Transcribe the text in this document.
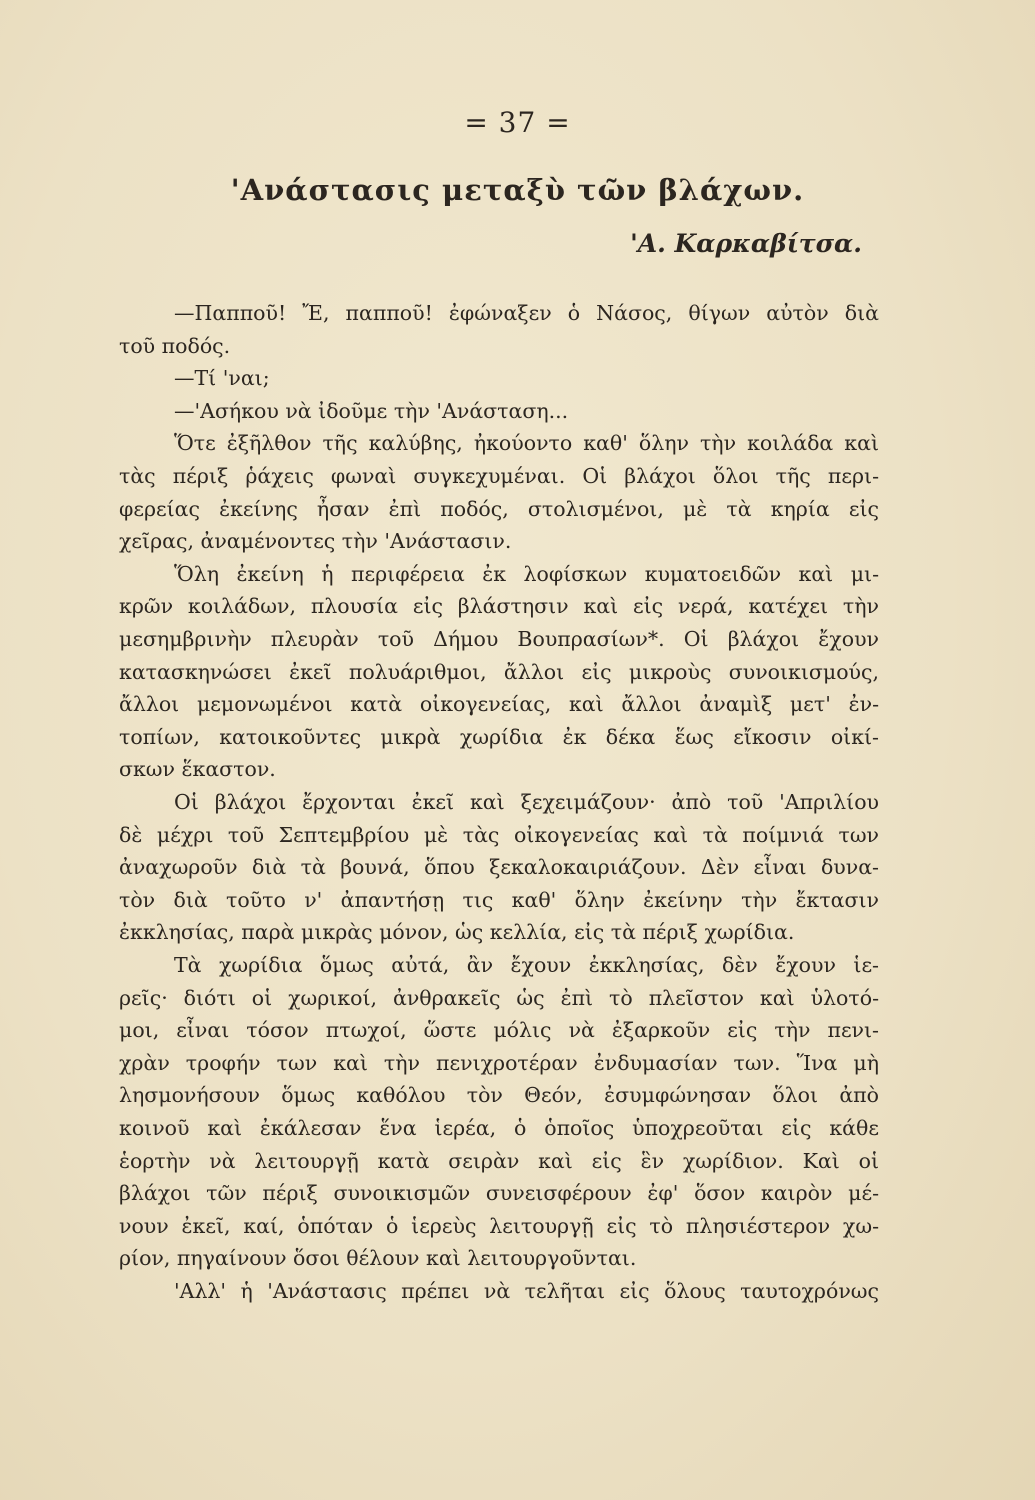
= 37 =
'Ανάστασις μεταξὺ τῶν βλάχων.
'Α. Καρκαβίτσα.
—Παπποῦ! Ἔ, παπποῦ! ἐφώναξεν ὁ Νάσος, θίγων αὐτὸν διὰ
τοῦ ποδός.
—Τί 'ναι;
—'Ασήκου νὰ ἰδοῦμε τὴν 'Ανάσταση...
Ὅτε ἐξῆλθον τῆς καλύβης, ἠκούοντο καθ' ὅλην τὴν κοιλάδα καὶ
τὰς πέριξ ῥάχεις φωναὶ συγκεχυμέναι. Οἱ βλάχοι ὅλοι τῆς περι-
φερείας ἐκείνης ἦσαν ἐπὶ ποδός, στολισμένοι, μὲ τὰ κηρία εἰς
χεῖρας, ἀναμένοντες τὴν 'Ανάστασιν.
Ὅλη ἐκείνη ἡ περιφέρεια ἐκ λοφίσκων κυματοειδῶν καὶ μι-
κρῶν κοιλάδων, πλουσία εἰς βλάστησιν καὶ εἰς νερά, κατέχει τὴν
μεσημβρινὴν πλευρὰν τοῦ Δήμου Βουπρασίων*. Οἱ βλάχοι ἔχουν
κατασκηνώσει ἐκεῖ πολυάριθμοι, ἄλλοι εἰς μικροὺς συνοικισμούς,
ἄλλοι μεμονωμένοι κατὰ οἰκογενείας, καὶ ἄλλοι ἀναμὶξ μετ' ἐν-
τοπίων, κατοικοῦντες μικρὰ χωρίδια ἐκ δέκα ἕως εἴκοσιν οἰκί-
σκων ἕκαστον.
Οἱ βλάχοι ἔρχονται ἐκεῖ καὶ ξεχειμάζουν· ἀπὸ τοῦ 'Απριλίου
δὲ μέχρι τοῦ Σεπτεμβρίου μὲ τὰς οἰκογενείας καὶ τὰ ποίμνιά των
ἀναχωροῦν διὰ τὰ βουνά, ὅπου ξεκαλοκαιριάζουν. Δὲν εἶναι δυνα-
τὸν διὰ τοῦτο ν' ἀπαντήσῃ τις καθ' ὅλην ἐκείνην τὴν ἔκτασιν
ἐκκλησίας, παρὰ μικρὰς μόνον, ὡς κελλία, εἰς τὰ πέριξ χωρίδια.
Τὰ χωρίδια ὅμως αὐτά, ἂν ἔχουν ἐκκλησίας, δὲν ἔχουν ἱε-
ρεῖς· διότι οἱ χωρικοί, ἀνθρακεῖς ὡς ἐπὶ τὸ πλεῖστον καὶ ὑλοτό-
μοι, εἶναι τόσον πτωχοί, ὥστε μόλις νὰ ἐξαρκοῦν εἰς τὴν πενι-
χρὰν τροφήν των καὶ τὴν πενιχροτέραν ἐνδυμασίαν των. Ἵνα μὴ
λησμονήσουν ὅμως καθόλου τὸν Θεόν, ἐσυμφώνησαν ὅλοι ἀπὸ
κοινοῦ καὶ ἐκάλεσαν ἕνα ἱερέα, ὁ ὁποῖος ὑποχρεοῦται εἰς κάθε
ἑορτὴν νὰ λειτουργῇ κατὰ σειρὰν καὶ εἰς ἓν χωρίδιον. Καὶ οἱ
βλάχοι τῶν πέριξ συνοικισμῶν συνεισφέρουν ἐφ' ὅσον καιρὸν μέ-
νουν ἐκεῖ, καί, ὁπόταν ὁ ἱερεὺς λειτουργῇ εἰς τὸ πλησιέστερον χω-
ρίον, πηγαίνουν ὅσοι θέλουν καὶ λειτουργοῦνται.
'Αλλ' ἡ 'Ανάστασις πρέπει νὰ τελῆται εἰς ὅλους ταυτοχρόνως
